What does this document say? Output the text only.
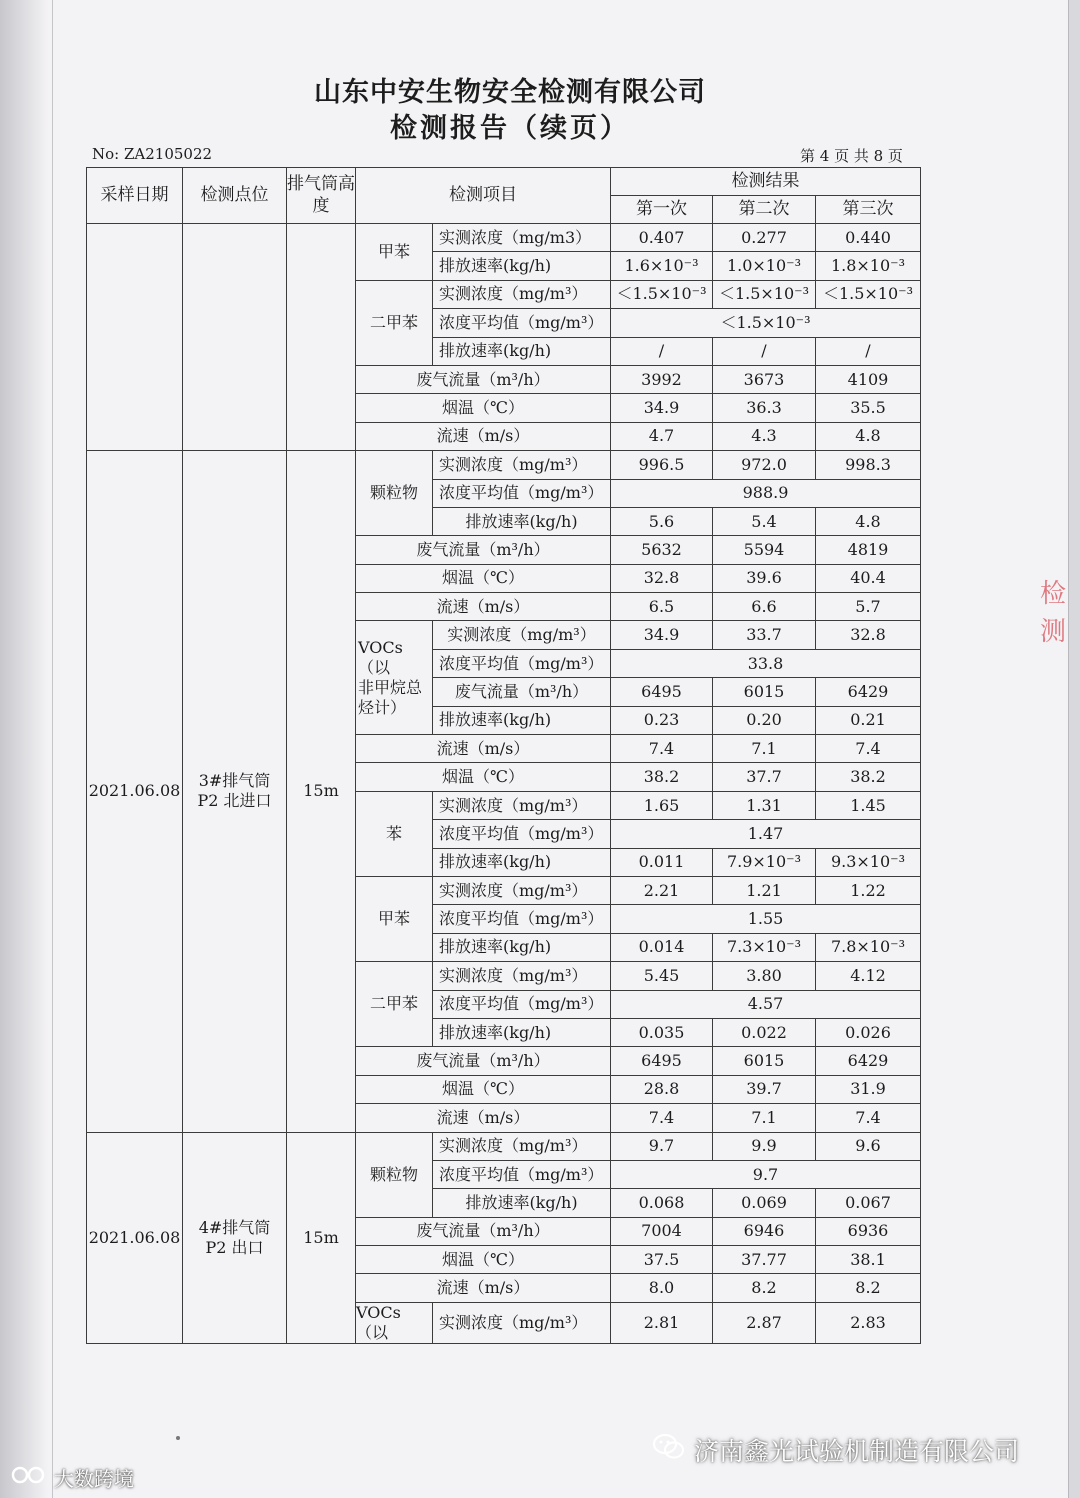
山东中安生物安全检测有限公司
检测报告（续页）
No: ZA2105022	第 4 页 共 8 页
采样日期	检测点位	排气筒高度	检测项目		检测结果		
					第一次	第二次	第三次
			甲苯	实测浓度（mg/m3）	0.407	0.277	0.440
				排放速率(kg/h)	1.6×10⁻³	1.0×10⁻³	1.8×10⁻³
			二甲苯	实测浓度（mg/m³）	＜1.5×10⁻³	＜1.5×10⁻³	＜1.5×10⁻³
				浓度平均值（mg/m³）	＜1.5×10⁻³		
				排放速率(kg/h)	/	/	/
			废气流量（m³/h）		3992	3673	4109
			烟温（℃）		34.9	36.3	35.5
			流速（m/s）		4.7	4.3	4.8
2021.06.08	3#排气筒
P2 北进口	15m	颗粒物	实测浓度（mg/m³）	996.5	972.0	998.3
				浓度平均值（mg/m³）	988.9		
				排放速率(kg/h)	5.6	5.4	4.8
			废气流量（m³/h）		5632	5594	4819
			烟温（℃）		32.8	39.6	40.4
			流速（m/s）		6.5	6.6	5.7
			VOCs（以
非甲烷总
烃计）	实测浓度（mg/m³）	34.9	33.7	32.8
				浓度平均值（mg/m³）	33.8		
				废气流量（m³/h）	6495	6015	6429
				排放速率(kg/h)	0.23	0.20	0.21
			流速（m/s）		7.4	7.1	7.4
			烟温（℃）		38.2	37.7	38.2
			苯	实测浓度（mg/m³）	1.65	1.31	1.45
				浓度平均值（mg/m³）	1.47		
				排放速率(kg/h)	0.011	7.9×10⁻³	9.3×10⁻³
			甲苯	实测浓度（mg/m³）	2.21	1.21	1.22
				浓度平均值（mg/m³）	1.55		
				排放速率(kg/h)	0.014	7.3×10⁻³	7.8×10⁻³
			二甲苯	实测浓度（mg/m³）	5.45	3.80	4.12
				浓度平均值（mg/m³）	4.57		
				排放速率(kg/h)	0.035	0.022	0.026
			废气流量（m³/h）		6495	6015	6429
			烟温（℃）		28.8	39.7	31.9
			流速（m/s）		7.4	7.1	7.4
2021.06.08	4#排气筒
P2 出口	15m	颗粒物	实测浓度（mg/m³）	9.7	9.9	9.6
				浓度平均值（mg/m³）	9.7		
				排放速率(kg/h)	0.068	0.069	0.067
			废气流量（m³/h）		7004	6946	6936
			烟温（℃）		37.5	37.77	38.1
			流速（m/s）		8.0	8.2	8.2
			VOCs（以	实测浓度（mg/m³）	2.81	2.87	2.83
检测
济南鑫光试验机制造有限公司
大数跨境
